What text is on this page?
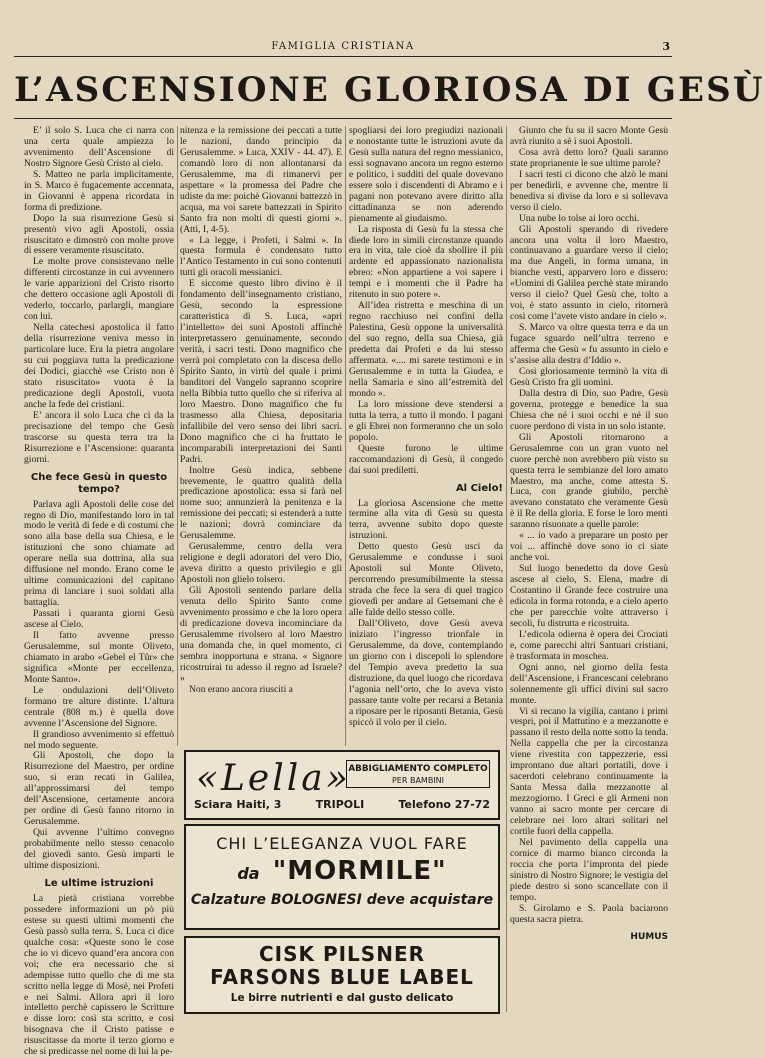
FAMIGLIA CRISTIANA	3
L’ASCENSIONE GLORIOSA DI GESÙ

E’ il solo S. Luca che ci narra con una certa quale ampiezza lo avvenimento dell’Ascensione di Nostro Signore Gesù Cristo al cielo.

S. Matteo ne parla implicitamente, in S. Marco è fugacemente accennata, in Giovanni è appena ricordata in forma di predizione.

Dopo la sua risurrezione Gesù si presentò vivo agli Apostoli, ossia risuscitato e dimostrò con molte prove di essere veramente risuscitato.

Le molte prove consistevano nelle differenti circostanze in cui avvennero le varie apparizioni del Cristo risorto che dettero occasione agli Apostoli di vederlo, toccarlo, parlargli, mangiare con lui.

Nella catechesi apostolica il fatto della risurrezione veniva messo in particolare luce. Era la pietra angolare su cui poggiava tutta la predicazione dei Dodici, giacchè «se Cristo non è stato risuscitato» vuota è la predicazione degli Apostoli, vuota anche la fede dei cristiani.

E’ ancora il solo Luca che ci da la precisazione del tempo che Gesù trascorse su questa terra tra la Risurrezione e l’Ascensione: quaranta giorni.

Che fece Gesù in questo tempo?

Parlava agli Apostoli delle cose del regno di Dio, manifestando loro in tal modo le verità di fede e di costumi che sono alla base della sua Chiesa, e le istituzioni che sono chiamate ad operare nella sua dottrina, alla sua diffusione nel mondo. Erano come le ultime comunicazioni del capitano prima di lanciare i suoi soldati alla battaglia.

Passati i quaranta giorni Gesù ascese al Cielo.

Il fatto avvenne presso Gerusalemme, sul monte Oliveto, chiamato in arabo «Gebel el Tûr» che significa «Monte per eccellenza, Monte Santo».

Le ondulazioni dell’Oliveto formano tre alture distinte. L’altura centrale (808 m.) è quella dove avvenne l’Ascensione del Signore.

Il grandioso avvenimento si effettuò nel modo seguente.

Gli Apostoli, che dopo la Risurrezione del Maestro, per ordine suo, si eran recati in Galilea, all’approssimarsi del tempo dell’Ascensione, certamente ancora per ordine di Gesù fanno ritorno in Gerusalemme.

Qui avvenne l’ultimo convegno probabilmente nello stesso cenacolo del giovedì santo. Gesù impartì le ultime disposizioni.

Le ultime istruzioni

La pietà cristiana vorrebbe possedere informazioni un pò più estese su questi ultimi momenti che Gesù passò sulla terra. S. Luca ci dice qualche cosa: «Queste sono le cose che io vi dicevo quand’era ancora con voi; che era necessario che si adempisse tutto quello che di me sta scritto nella legge di Mosè, nei Profeti e nei Salmi. Allora aprì il loro intelletto perchè capissero le Scritture e disse loro: così sta scritto, e così bisognava che il Cristo patisse e risuscitasse da morte il terzo giorno e che si predicasse nel nome di lui la pe-

nitenza e la remissione dei peccati a tutte le nazioni, dando principio da Gerusalemme. » Luca, XXIV - 44. 47). E comandò loro di non allontanarsi da Gerusalemme, ma di rimanervi per aspettare « la promessa del Padre che udiste da me: poichè Giovanni battezzò in acqua, ma voi sarete battezzati in Spirito Santo fra non molti di questi giorni ». (Atti, I, 4-5).

« La legge, i Profeti, i Salmi ». In questa formula è condensato tutto l’Antico Testamento in cui sono contenuti tutti gli oracoli messianici.

E siccome questo libro divino è il fondamento dell’insegnamento cristiano, Gesù, secondo la espressione caratteristica di S. Luca, «aprì l’intelletto» dei suoi Apostoli affinchè interpretassero genuinamente, secondo verità, i sacri testi. Dono magnifico che verrà poi completato con la discesa dello Spirito Santo, in virtù del quale i primi banditori del Vangelo sapranno scoprire nella Bibbia tutto quello che si riferiva al loro Maestro. Dono magnifico che fu trasmesso alla Chiesa, depositaria infallibile del vero senso dei libri sacri. Dono magnifico che ci ha fruttato le incomparabili interpretazioni dei Santi Padri.

Inoltre Gesù indica, sebbene brevemente, le quattro qualità della predicazione apostolica: essa si farà nel nome suo; annunzierà la penitenza e la remissione dei peccati; si estenderà a tutte le nazioni; dovrà cominciare da Gerusalemme.

Gerusalemme, centro della vera religione e degli adoratori del vero Dio, aveva diritto a questo privilegio e gli Apostoli non glielo tolsero.

Gli Apostoli sentendo parlare della venuta dello Spirito Santo come avvenimento prossimo e che la loro opera di predicazione doveva incominciare da Gerusalemme rivolsero al loro Maestro una domanda che, in quel momento, ci sembra inopportuna e strana. « Signore ricostruirai tu adesso il regno ad Israele? »

Non erano ancora riusciti a

spogliarsi dei loro pregiudizi nazionali e nonostante tutte le istruzioni avute da Gesù sulla natura del regno messianico, essi sognavano ancora un regno esterno e politico, i sudditi del quale dovevano essere solo i discendenti di Abramo e i pagani non potevano avere diritto alla cittadinanza se non aderendo pienamente al giudaismo.

La risposta di Gesù fu la stessa che diede loro in simili circostanze quando era in vita, tale cioè da sbollire il più ardente ed appassionato nazionalista ebreo: «Non appartiene a voi sapere i tempi e i momenti che il Padre ha ritenuto in suo potere ».

All’idea ristretta e meschina di un regno racchiuso nei confini della Palestina, Gesù oppone la universalità del suo regno, della sua Chiesa, già predetta dai Profeti e da lui stesso affermata. «.... mi sarete testimoni e in Gerusalemme e in tutta la Giudea, e nella Samaria e sino all’estremità del mondo ».

La loro missione deve stendersi a tutta la terra, a tutto il mondo. I pagani e gli Ebrei non formeranno che un solo popolo.

Queste furono le ultime raccomandazioni di Gesù, il congedo dai suoi prediletti.

Al Cielo!

La gloriosa Ascensione che mette termine alla vita di Gesù su questa terra, avvenne subito dopo queste istruzioni.

Detto questo Gesù uscì da Gerusalemme e condusse i suoi Apostoli sul Monte Oliveto, percorrendo presumibilmente la stessa strada che fece la sera di quel tragico giovedì per andare al Getsemani che è alle falde dello stesso colle.

Dall’Oliveto, dove Gesù aveva iniziato l’ingresso trionfale in Gerusalemme, da dove, contemplando un giorno con i discepoli lo splendore del Tempio aveva predetto la sua distruzione, da quel luogo che ricordava l’agonia nell’orto, che lo aveva visto passare tante volte per recarsi a Betania a riposare per le riposanti Betania, Gesù spiccò il volo per il cielo.

Giunto che fu su il sacro Monte Gesù avrà riunito a sè i suoi Apostoli.

Cosa avrà detto loro? Quali saranno state proprianente le sue ultime parole?

I sacri testi ci dicono che alzò le mani per benedirli, e avvenne che, mentre li benediva si divise da loro e si sollevava verso il cielo.

Una nube lo tolse ai loro occhi.

Gli Apostoli sperando di rivedere ancora una volta il loro Maestro, continuavano a guardare verso il cielo; ma due Angeli, in forma umana, in bianche vesti, apparvero loro e dissero: «Uomini di Galilea perchè state mirando verso il cielo? Quel Gesù che, tolto a voi, è stato assunto in cielo, ritornerà così come l’avete visto andare in cielo ».

S. Marco va oltre questa terra e da un fugace sguardo nell’ultra terreno e afferma che Gesù « fu assunto in cielo e s’assise alla destra d’Iddio ».

Così gloriosamente terminò la vita di Gesù Cristo fra gli uomini.

Dalla destra di Dio, suo Padre, Gesù governa, protegge e benedice la sua Chiesa che né i suoi occhi e né il suo cuore perdono di vista in un solo istante.

Gli Apostoli ritornarono a Gerusalemme con un gran vuoto nel cuore perchè non avrebbero più visto su questa terra le sembianze del loro amato Maestro, ma anche, come attesta S. Luca, con grande giubilo, perchè avevano constatato che veramente Gesù è il Re della gloria. E forse le loro menti saranno risuonate a quelle parole:

« ... io vado a preparare un posto per voi ... affinchè dove sono io ci siate anche voi.

Sul luogo benedetto da dove Gesù ascese al cielo, S. Elena, madre di Costantino il Grande fece costruire una edicola in forma rotonda, e a cielo aperto che per parecchie volte attraverso i secoli, fu distrutta e ricostruita.

L’edicola odierna è opera dei Crociati e, come parecchi altri Santuari cristiani, è trasformata in moschea.

Ogni anno, nel giorno della festa dell’Ascensione, i Francescani celebrano solennemente gli uffici divini sul sacro monte.

Vi si recano la vigilia, cantano i primi vespri, poi il Mattutino e a mezzanotte e passano il resto della notte sotto la tenda. Nella cappella che per la circostanza viene rivestita con tappezzerie, essi improntano due altari portatili, dove i sacerdoti celebrano continuamente la Santa Messa dalla mezzanotte al mezzogiorno. I Greci e gli Armeni non vanno ai sacro monte per cercare di celebrare nei loro altari solitari nel cortile fuori della cappella.

Nel pavimento della cappella una cornice di marmo bianco circonda la roccia che porta l’impronta del piede sinistro di Nostro Signore; le vestigia del piede destro si sono scancellate con il tempo.

S. Girolamo e S. Paola baciarono questa sacra pietra.

HUMUS
«Lella»
ABBIGLIAMENTO COMPLETO
PER BAMBINI
Sciara Haiti, 3	TRIPOLI	Telefono 27-72
CHI L’ELEGANZA VUOL FARE
da "MORMILE"
Calzature BOLOGNESI deve acquistare
CISK PILSNER
FARSONS BLUE LABEL
Le birre nutrienti e dal gusto delicato
